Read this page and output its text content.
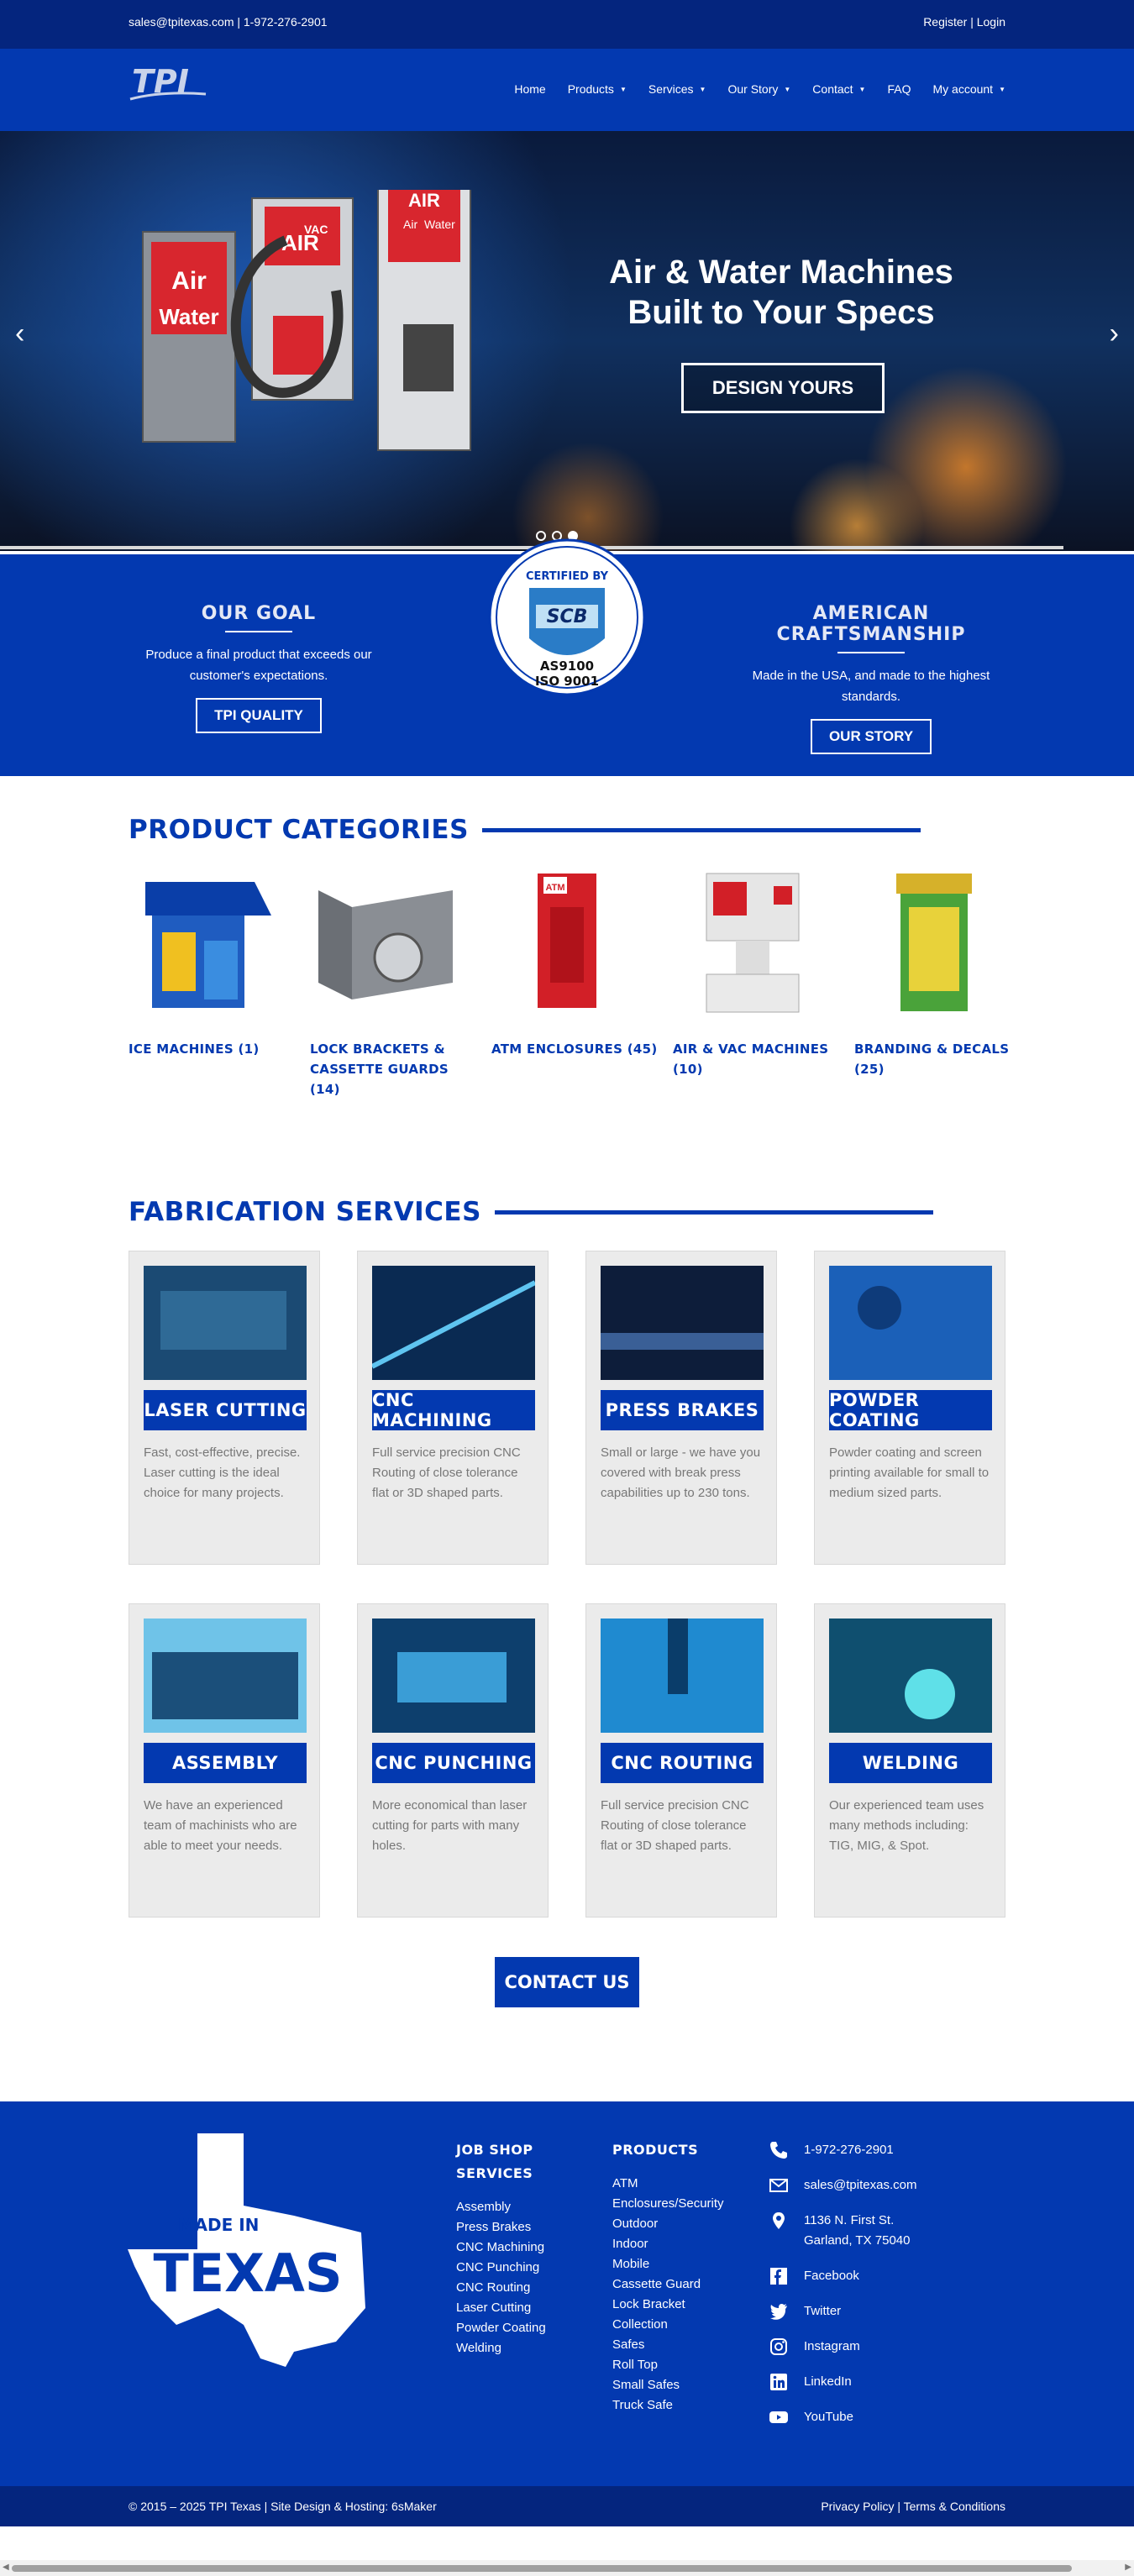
sales@tpitexas.com | 1-972-276-2901	Register | Login
TPI	Home Products ▼ Services ▼ Our Story ▼ Contact ▼ FAQ My account ▼
Air
Water
AIR
VAC
AIR
Air Water
Air & Water Machines
Built to Your Specs
DESIGN YOURS
‹	›
OUR GOAL

Produce a final product that exceeds our customer's expectations.

TPI QUALITY
AMERICAN CRAFTSMANSHIP

Made in the USA, and made to the highest standards.

OUR STORY
CERTIFIED BY
SCB
AS9100
ISO 9001
PRODUCT CATEGORIES
ICE MACHINES (1)	LOCK BRACKETS & CASSETTE GUARDS (14)
ATM
ATM ENCLOSURES (45) AIR & VAC MACHINES (10)
BRANDING & DECALS (25)
FABRICATION SERVICES
LASER CUTTING

Fast, cost-effective, precise. Laser cutting is the ideal choice for many projects.

CNC MACHINING

Full service precision CNC Routing of close tolerance flat or 3D shaped parts.

PRESS BRAKES

Small or large - we have you covered with break press capabilities up to 230 tons.

POWDER COATING

Powder coating and screen printing available for small to medium sized parts.

ASSEMBLY

We have an experienced team of machinists who are able to meet your needs.

CNC PUNCHING

More economical than laser cutting for parts with many holes.

CNC ROUTING

Full service precision CNC Routing of close tolerance flat or 3D shaped parts.

WELDING

Our experienced team uses many methods including: TIG, MIG, & Spot.

CONTACT US
MADE IN
TEXAS
JOB SHOP SERVICES
Assembly
Press Brakes
CNC Machining
CNC Punching
CNC Routing
Laser Cutting
Powder Coating
Welding
PRODUCTS
ATM Enclosures/Security
Outdoor
Indoor
Mobile
Cassette Guard
Lock Bracket
Collection
Safes
Roll Top
Small Safes
Truck Safe
1-972-276-2901
sales@tpitexas.com
1136 N. First St.
Garland, TX 75040
Facebook
Twitter
Instagram
LinkedIn
YouTube
© 2015 – 2025 TPI Texas | Site Design & Hosting: 6sMaker	Privacy Policy | Terms & Conditions
◀	▶
